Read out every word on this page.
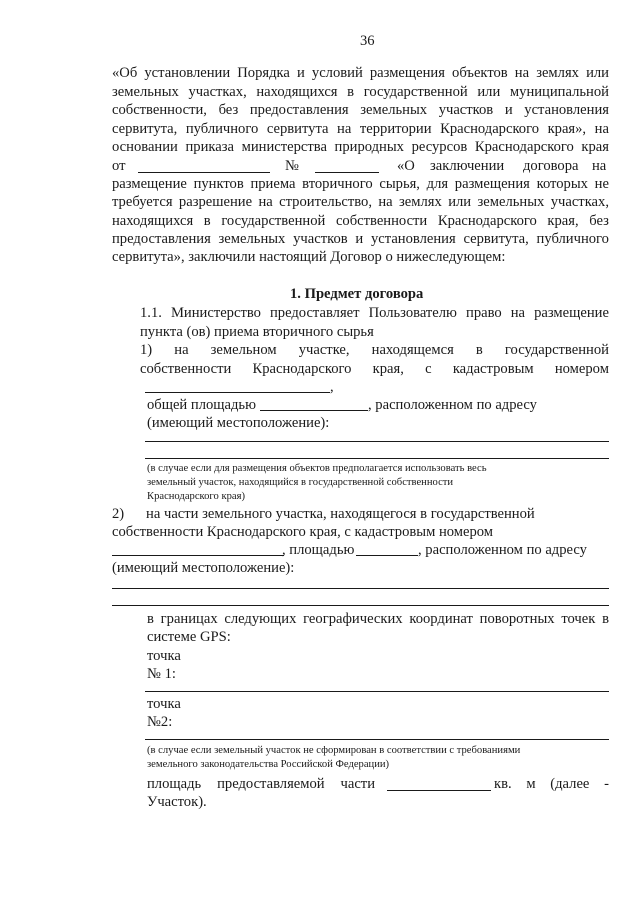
36
«Об установлении Порядка и условий размещения объектов на землях или
земельных участках, находящихся в государственной или муниципальной
собственности, без предоставления земельных участков и установления
сервитута, публичного сервитута на территории Краснодарского края», на
основании приказа министерства природных ресурсов Краснодарского края
от	№	«О заключении договора на
размещение пунктов приема вторичного сырья, для размещения которых не
требуется разрешение на строительство, на землях или земельных участках,
находящихся в государственной собственности Краснодарского края, без
предоставления земельных участков и установления сервитута, публичного
сервитута», заключили настоящий Договор о нижеследующем:
1. Предмет договора
1.1. Министерство предоставляет Пользователю право на размещение
пункта (ов) приема вторичного сырья
1) на земельном участке, находящемся в государственной
собственности Краснодарского края, с кадастровым номером
,
общей площадью	, расположенном по адресу
(имеющий местоположение):
(в случае если для размещения объектов предполагается использовать весь
земельный участок, находящийся в государственной собственности
Краснодарского края)
2)      на части земельного участка, находящегося в государственной
собственности Краснодарского края, с кадастровым номером
, площадью	, расположенном по адресу
(имеющий местоположение):
в границах следующих географических координат поворотных точек в
системе GPS:
точка
№ 1:
точка
№2:
(в случае если земельный участок не сформирован в соответствии с требованиями
земельного законодательства Российской Федерации)
площадь предоставляемой части	кв. м (далее -
Участок).
